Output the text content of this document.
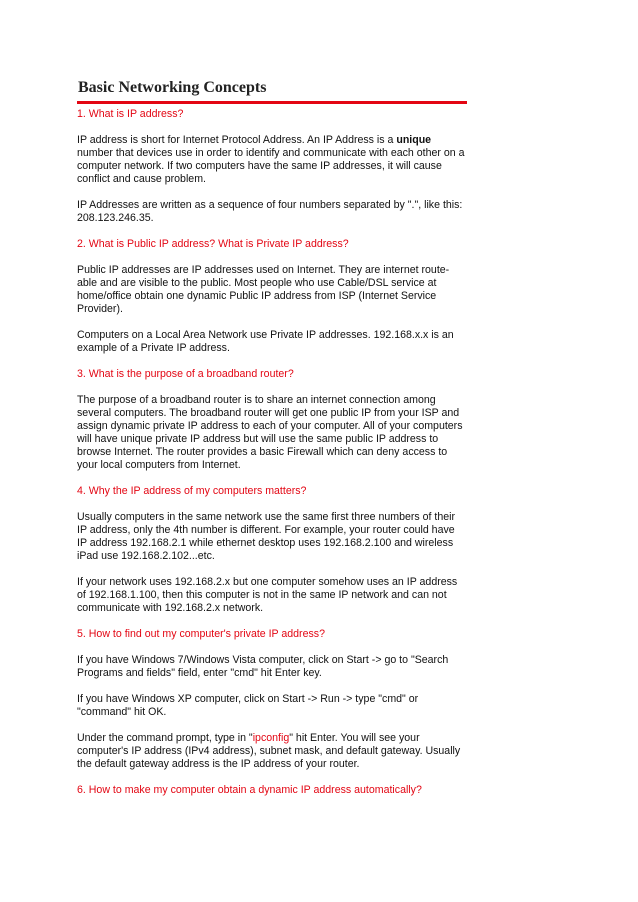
Basic Networking Concepts

1. What is IP address?

IP address is short for Internet Protocol Address. An IP Address is a unique number that devices use in order to identify and communicate with each other on a computer network. If two computers have the same IP addresses, it will cause conflict and cause problem.

IP Addresses are written as a sequence of four numbers separated by ".", like this: 208.123.246.35.

2. What is Public IP address? What is Private IP address?

Public IP addresses are IP addresses used on Internet. They are internet route-able and are visible to the public. Most people who use Cable/DSL service at home/office obtain one dynamic Public IP address from ISP (Internet Service Provider).

Computers on a Local Area Network use Private IP addresses. 192.168.x.x is an example of a Private IP address.

3. What is the purpose of a broadband router?

The purpose of a broadband router is to share an internet connection among several computers. The broadband router will get one public IP from your ISP and assign dynamic private IP address to each of your computer. All of your computers will have unique private IP address but will use the same public IP address to browse Internet. The router provides a basic Firewall which can deny access to your local computers from Internet.

4. Why the IP address of my computers matters?

Usually computers in the same network use the same first three numbers of their IP address, only the 4th number is different. For example, your router could have IP address 192.168.2.1 while ethernet desktop uses 192.168.2.100 and wireless iPad use 192.168.2.102...etc.

If your network uses 192.168.2.x but one computer somehow uses an IP address of 192.168.1.100, then this computer is not in the same IP network and can not communicate with 192.168.2.x network.

5. How to find out my computer's private IP address?

If you have Windows 7/Windows Vista computer, click on Start -> go to "Search Programs and fields" field, enter "cmd" hit Enter key.

If you have Windows XP computer, click on Start -> Run -> type "cmd" or "command" hit OK.

Under the command prompt, type in "ipconfig" hit Enter. You will see your computer's IP address (IPv4 address), subnet mask, and default gateway. Usually the default gateway address is the IP address of your router.

6. How to make my computer obtain a dynamic IP address automatically?
